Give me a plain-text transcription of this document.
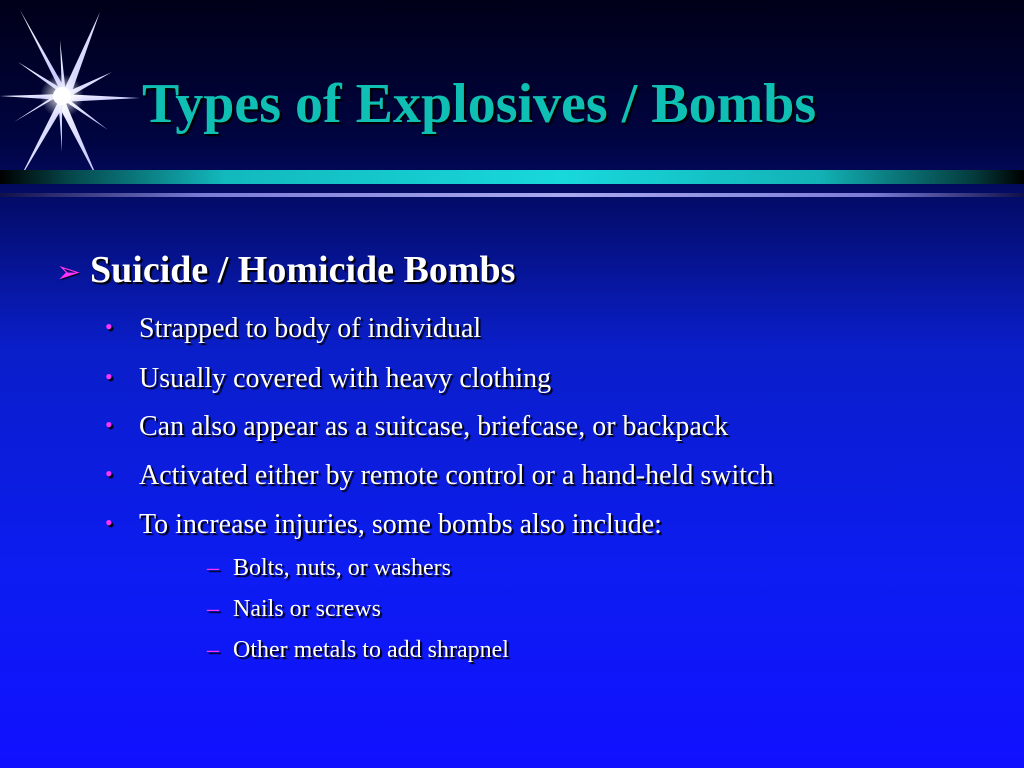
Types of Explosives / Bombs
➢ Suicide / Homicide Bombs
• Strapped to body of individual
• Usually covered with heavy clothing
• Can also appear as a suitcase, briefcase, or backpack
• Activated either by remote control or a hand-held switch
• To increase injuries, some bombs also include:
– Bolts, nuts, or washers
– Nails or screws
– Other metals to add shrapnel
